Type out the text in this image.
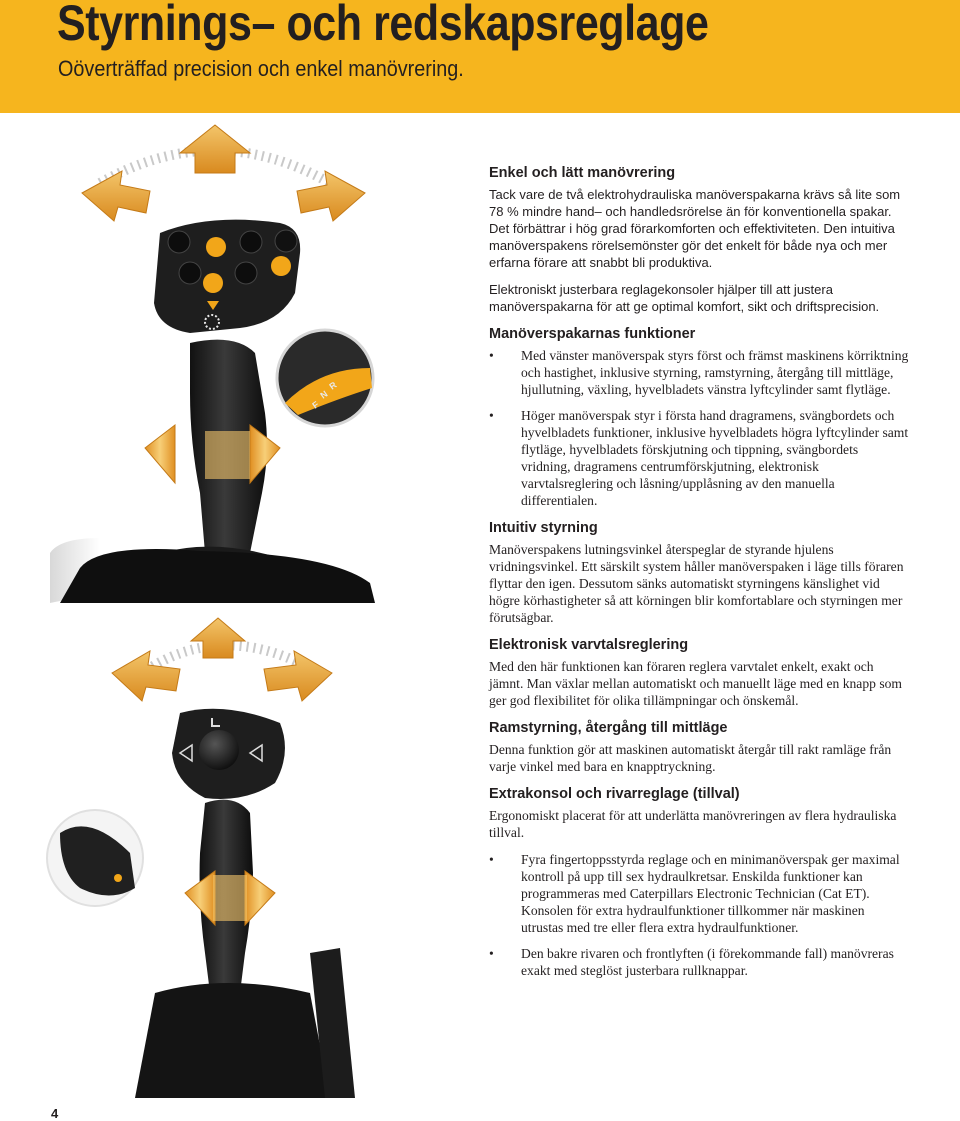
Styrnings– och redskapsreglage
Oöverträffad precision och enkel manövrering.
R
N
F
Enkel och lätt manövrering

Tack vare de två elektrohydrauliska manöverspakarna krävs så lite som 78 % mindre hand– och handledsrörelse än för konventionella spakar. Det förbättrar i hög grad förarkomforten och effektiviteten. Den intuitiva manöverspakens rörelsemönster gör det enkelt för både nya och mer erfarna förare att snabbt bli produktiva.

Elektroniskt justerbara reglagekonsoler hjälper till att justera manöverspakarna för att ge optimal komfort, sikt och driftsprecision.

Manöverspakarnas funktioner
• Med vänster manöverspak styrs först och främst maskinens körriktning och hastighet, inklusive styrning, ramstyrning, återgång till mittläge, hjullutning, växling, hyvelbladets vänstra lyftcylinder samt flytläge.
• Höger manöverspak styr i första hand dragramens, svängbordets och hyvelbladets funktioner, inklusive hyvelbladets högra lyftcylinder samt flytläge, hyvelbladets förskjutning och tippning, svängbordets vridning, dragramens centrumförskjutning, elektronisk varvtalsreglering och låsning/upplåsning av den manuella differentialen.
Intuitiv styrning

Manöverspakens lutningsvinkel återspeglar de styrande hjulens vridningsvinkel. Ett särskilt system håller manöverspaken i läge tills föraren flyttar den igen. Dessutom sänks automatiskt styrningens känslighet vid högre körhastigheter så att körningen blir komfortablare och styrningen mer förutsägbar.

Elektronisk varvtalsreglering

Med den här funktionen kan föraren reglera varvtalet enkelt, exakt och jämnt. Man växlar mellan automatiskt och manuellt läge med en knapp som ger god flexibilitet för olika tillämpningar och önskemål.

Ramstyrning, återgång till mittläge

Denna funktion gör att maskinen automatiskt återgår till rakt ramläge från varje vinkel med bara en knapptryckning.

Extrakonsol och rivarreglage (tillval)

Ergonomiskt placerat för att underlätta manövreringen av flera hydrauliska tillval.

• Fyra fingertoppsstyrda reglage och en minimanöverspak ger maximal kontroll på upp till sex hydraulkretsar. Enskilda funktioner kan programmeras med Caterpillars Electronic Technician (Cat ET). Konsolen för extra hydraulfunktioner tillkommer när maskinen utrustas med tre eller flera extra hydraulfunktioner.
• Den bakre rivaren och frontlyften (i förekommande fall) manövreras exakt med steglöst justerbara rullknappar.
4
